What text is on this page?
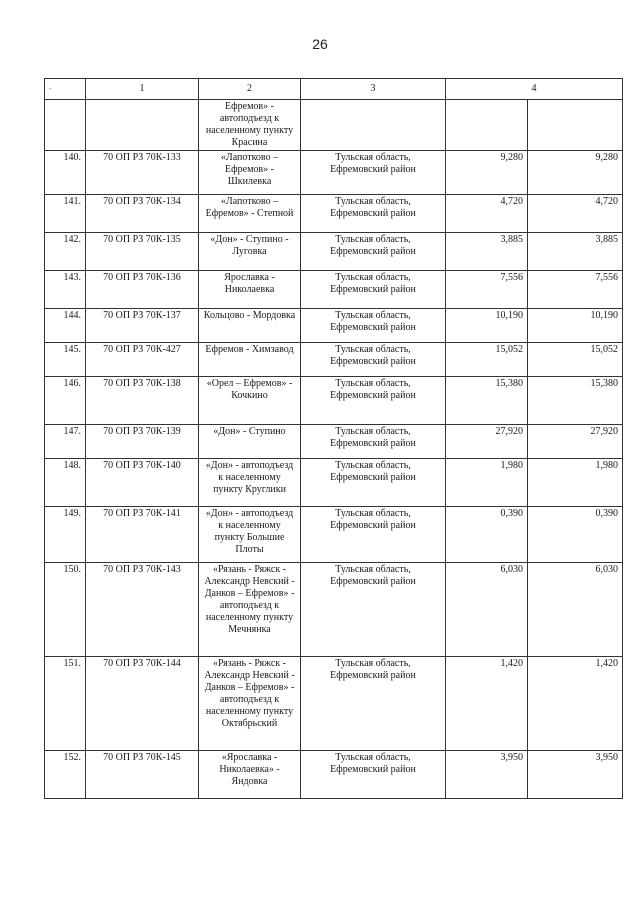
26
-	1	2	3	4	
		Ефремов» - автоподъезд к населенному пункту Красина			
140.	70 ОП РЗ 70К-133	«Лапотково – Ефремов» - Шкилевка	Тульская область, Ефремовский район	9,280	9,280
141.	70 ОП РЗ 70К-134	«Лапотково – Ефремов» - Степной	Тульская область, Ефремовский район	4,720	4,720
142.	70 ОП РЗ 70К-135	«Дон» - Ступино - Луговка	Тульская область, Ефремовский район	3,885	3,885
143.	70 ОП РЗ 70К-136	Ярославка - Николаевка	Тульская область, Ефремовский район	7,556	7,556
144.	70 ОП РЗ 70К-137	Кольцово - Мордовка	Тульская область, Ефремовский район	10,190	10,190
145.	70 ОП РЗ 70К-427	Ефремов - Химзавод	Тульская область, Ефремовский район	15,052	15,052
146.	70 ОП РЗ 70К-138	«Орел – Ефремов» - Кочкино	Тульская область, Ефремовский район	15,380	15,380
147.	70 ОП РЗ 70К-139	«Дон» - Ступино	Тульская область, Ефремовский район	27,920	27,920
148.	70 ОП РЗ 70К-140	«Дон» - автоподъезд к населенному пункту Круглики	Тульская область, Ефремовский район	1,980	1,980
149.	70 ОП РЗ 70К-141	«Дон» - автоподъезд к населенному пункту Большие Плоты	Тульская область, Ефремовский район	0,390	0,390
150.	70 ОП РЗ 70К-143	«Рязань - Ряжск - Александр Невский - Данков – Ефремов» - автоподъезд к населенному пункту Мечнянка	Тульская область, Ефремовский район	6,030	6,030
151.	70 ОП РЗ 70К-144	«Рязань - Ряжск - Александр Невский - Данков – Ефремов» - автоподъезд к населенному пункту Октябрьский	Тульская область, Ефремовский район	1,420	1,420
152.	70 ОП РЗ 70К-145	«Ярославка - Николаевка» - Яндовка	Тульская область, Ефремовский район	3,950	3,950
